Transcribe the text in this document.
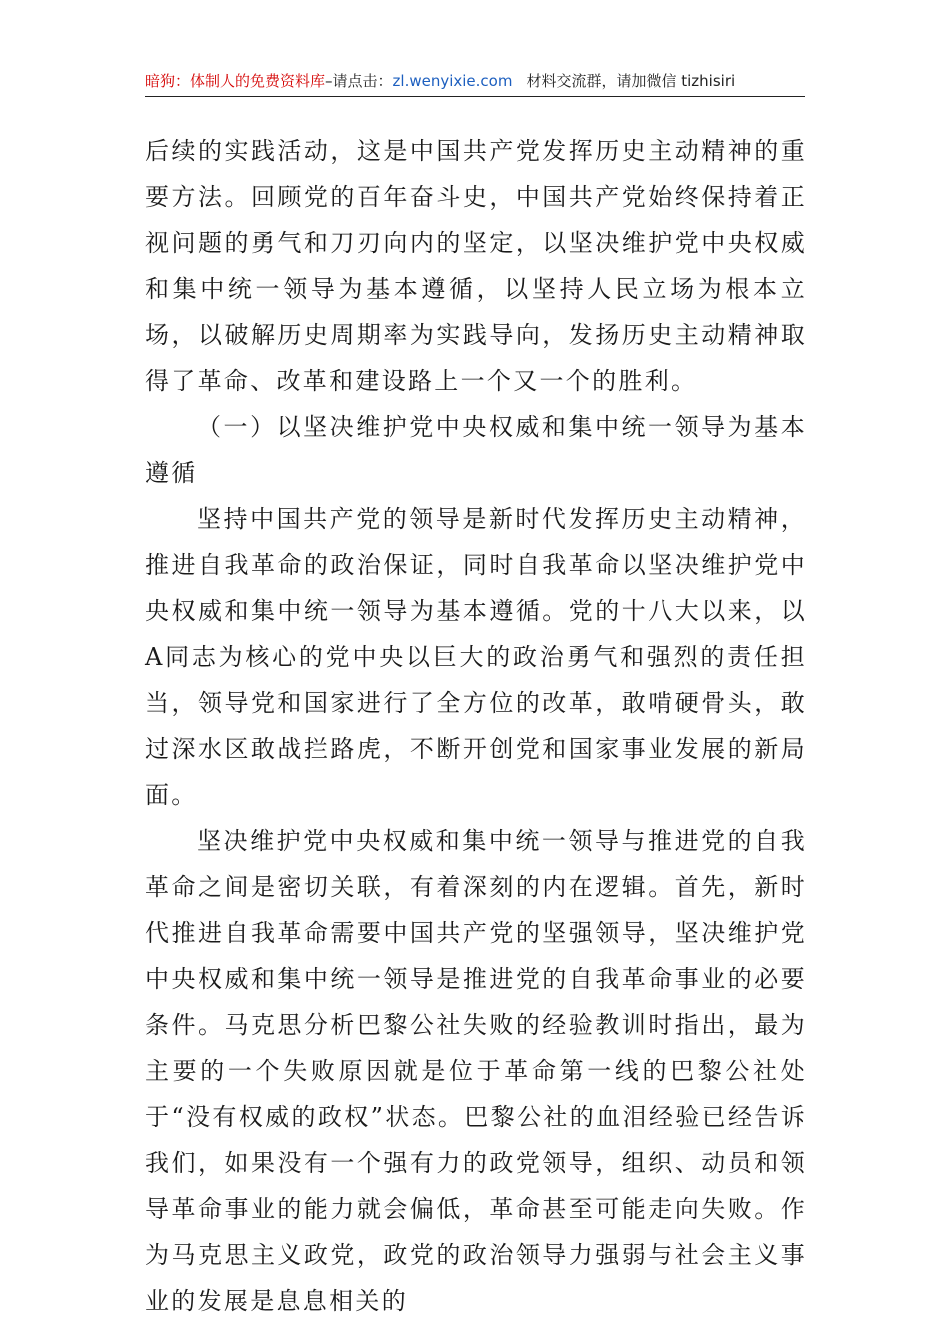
暗狗：体制人的免费资料库–请点击：zl.wenyixie.com 材料交流群，请加微信 tizhisiri

后续的实践活动，这是中国共产党发挥历史主动精神的重要方法。回顾党的百年奋斗史，中国共产党始终保持着正视问题的勇气和刀刃向内的坚定，以坚决维护党中央权威和集中统一领导为基本遵循，以坚持人民立场为根本立场，以破解历史周期率为实践导向，发扬历史主动精神取得了革命、改革和建设路上一个又一个的胜利。

（一）以坚决维护党中央权威和集中统一领导为基本遵循

坚持中国共产党的领导是新时代发挥历史主动精神，推进自我革命的政治保证，同时自我革命以坚决维护党中央权威和集中统一领导为基本遵循。党的十八大以来，以A同志为核心的党中央以巨大的政治勇气和强烈的责任担当，领导党和国家进行了全方位的改革，敢啃硬骨头，敢过深水区敢战拦路虎，不断开创党和国家事业发展的新局面。

坚决维护党中央权威和集中统一领导与推进党的自我革命之间是密切关联，有着深刻的内在逻辑。首先，新时代推进自我革命需要中国共产党的坚强领导，坚决维护党中央权威和集中统一领导是推进党的自我革命事业的必要条件。马克思分析巴黎公社失败的经验教训时指出，最为主要的一个失败原因就是位于革命第一线的巴黎公社处于“没有权威的政权”状态。巴黎公社的血泪经验已经告诉我们，如果没有一个强有力的政党领导，组织、动员和领导革命事业的能力就会偏低，革命甚至可能走向失败。作为马克思主义政党，政党的政治领导力强弱与社会主义事业的发展是息息相关的
